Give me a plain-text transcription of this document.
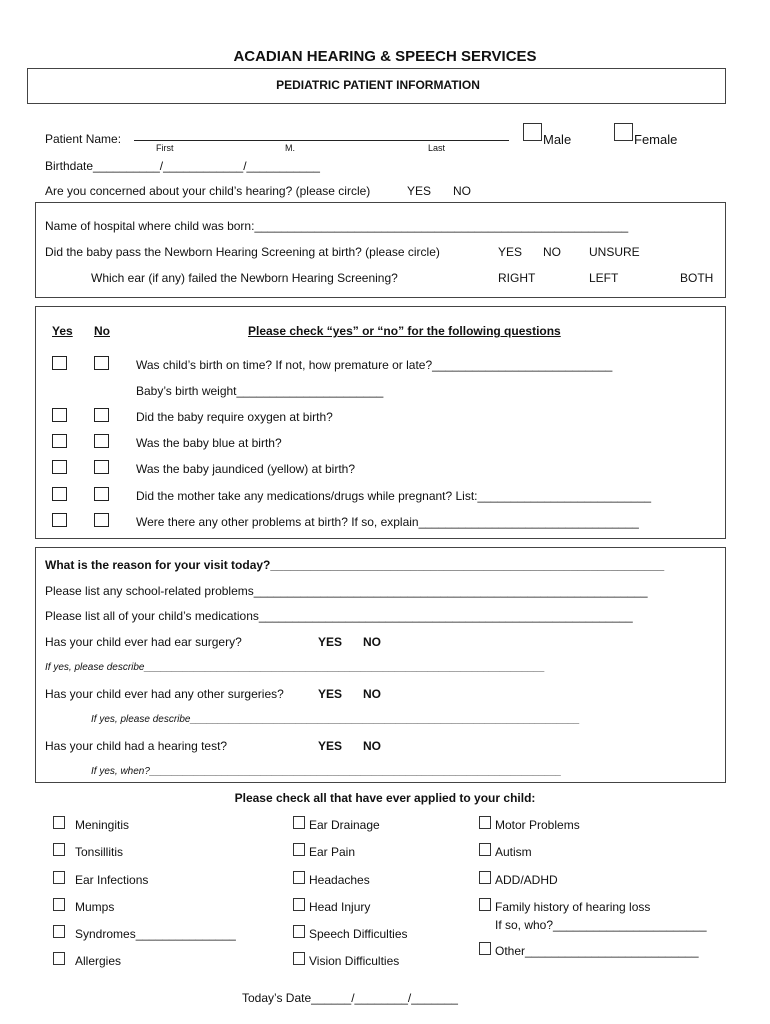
ACADIAN HEARING & SPEECH SERVICES
PEDIATRIC PATIENT INFORMATION
Patient Name:
First	M.	Last
Male	Female
Birthdate__________/____________/___________
Are you concerned about your child’s hearing? (please circle)	YES NO
Name of hospital where child was born:________________________________________________________
Did the baby pass the Newborn Hearing Screening at birth? (please circle)	YES NO UNSURE
Which ear (if any) failed the Newborn Hearing Screening?	RIGHT	LEFT	BOTH
Yes No	Please check “yes” or “no” for the following questions
Was child’s birth on time? If not, how premature or late?___________________________
Baby’s birth weight______________________
Did the baby require oxygen at birth?
Was the baby blue at birth?
Was the baby jaundiced (yellow) at birth?
Did the mother take any medications/drugs while pregnant? List:__________________________
Were there any other problems at birth? If so, explain_________________________________
What is the reason for your visit today?___________________________________________________________
Please list any school-related problems___________________________________________________________
Please list all of your child’s medications________________________________________________________
Has your child ever had ear surgery?	YES NO
If yes, please describe________________________________________________________________________
Has your child ever had any other surgeries?	YES NO
If yes, please describe______________________________________________________________________
Has your child had a hearing test?	YES NO
If yes, when?__________________________________________________________________________
Please check all that have ever applied to your child:
Meningitis
Tonsillitis
Ear Infections
Mumps
Syndromes_______________
Allergies
Ear Drainage
Ear Pain
Headaches
Head Injury
Speech Difficulties
Vision Difficulties
Motor Problems
Autism
ADD/ADHD
Family history of hearing loss
If so, who?_______________________
Other__________________________
Today’s Date______/________/_______
